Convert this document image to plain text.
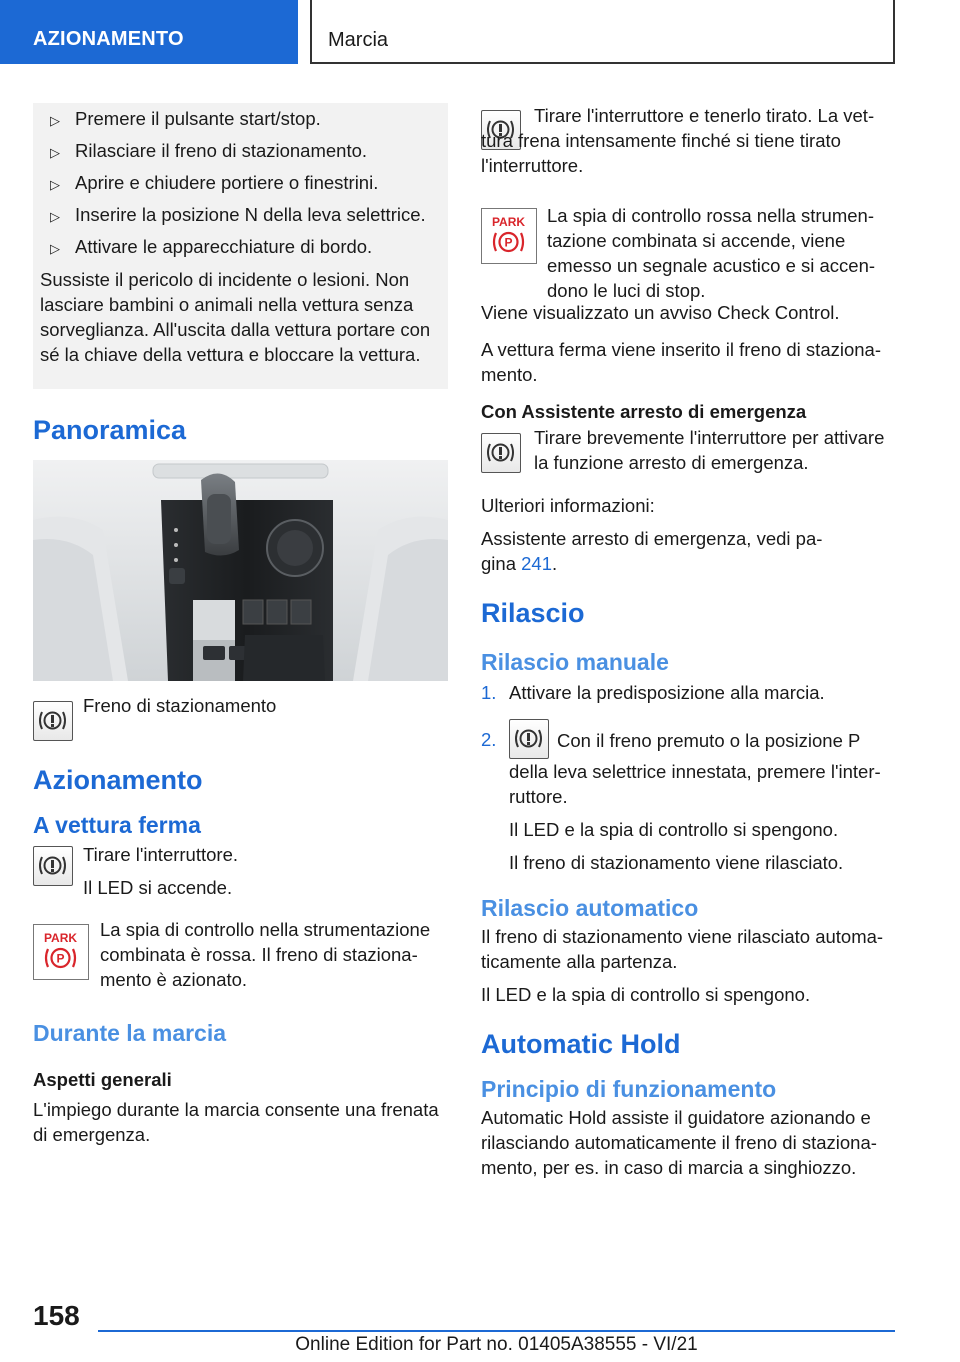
AZIONAMENTO	Marcia
▷ Premere il pulsante start/stop.
▷ Rilasciare il freno di stazionamento.
▷ Aprire e chiudere portiere o finestrini.
▷ Inserire la posizione N della leva selettrice.
▷ Attivare le apparecchiature di bordo.
Sussiste il pericolo di incidente o lesioni. Non lasciare bambini o animali nella vettura senza sorveglianza. All'uscita dalla vettura portare con sé la chiave della vettura e bloccare la vettura.
Panoramica
Freno di stazionamento
Azionamento
A vettura ferma
Tirare l'interruttore.
Il LED si accende.
PARK
P
La spia di controllo nella strumentazione combinata è rossa. Il freno di stazionamento è azionato.
Durante la marcia
Aspetti generali
L'impiego durante la marcia consente una frenata di emergenza.
Tirare l'interruttore e tenerlo tirato. La vettura frena intensamente finché si tiene tirato l'interruttore.
PARK
P
La spia di controllo rossa nella strumentazione combinata si accende, viene emesso un segnale acustico e si accendono le luci di stop.
Viene visualizzato un avviso Check Control.
A vettura ferma viene inserito il freno di stazionamento.
Con Assistente arresto di emergenza
Tirare brevemente l'interruttore per attivare la funzione arresto di emergenza.
Ulteriori informazioni:
Assistente arresto di emergenza, vedi pagina 241.
Rilascio
Rilascio manuale
1. Attivare la predisposizione alla marcia.
2.	Con il freno premuto o la posizione P della leva selettrice innestata, premere l'interruttore.
Il LED e la spia di controllo si spengono.
Il freno di stazionamento viene rilasciato.
Rilascio automatico
Il freno di stazionamento viene rilasciato automaticamente alla partenza.
Il LED e la spia di controllo si spengono.
Automatic Hold
Principio di funzionamento
Automatic Hold assiste il guidatore azionando e rilasciando automaticamente il freno di stazionamento, per es. in caso di marcia a singhiozzo.
158
Online Edition for Part no. 01405A38555 - VI/21
